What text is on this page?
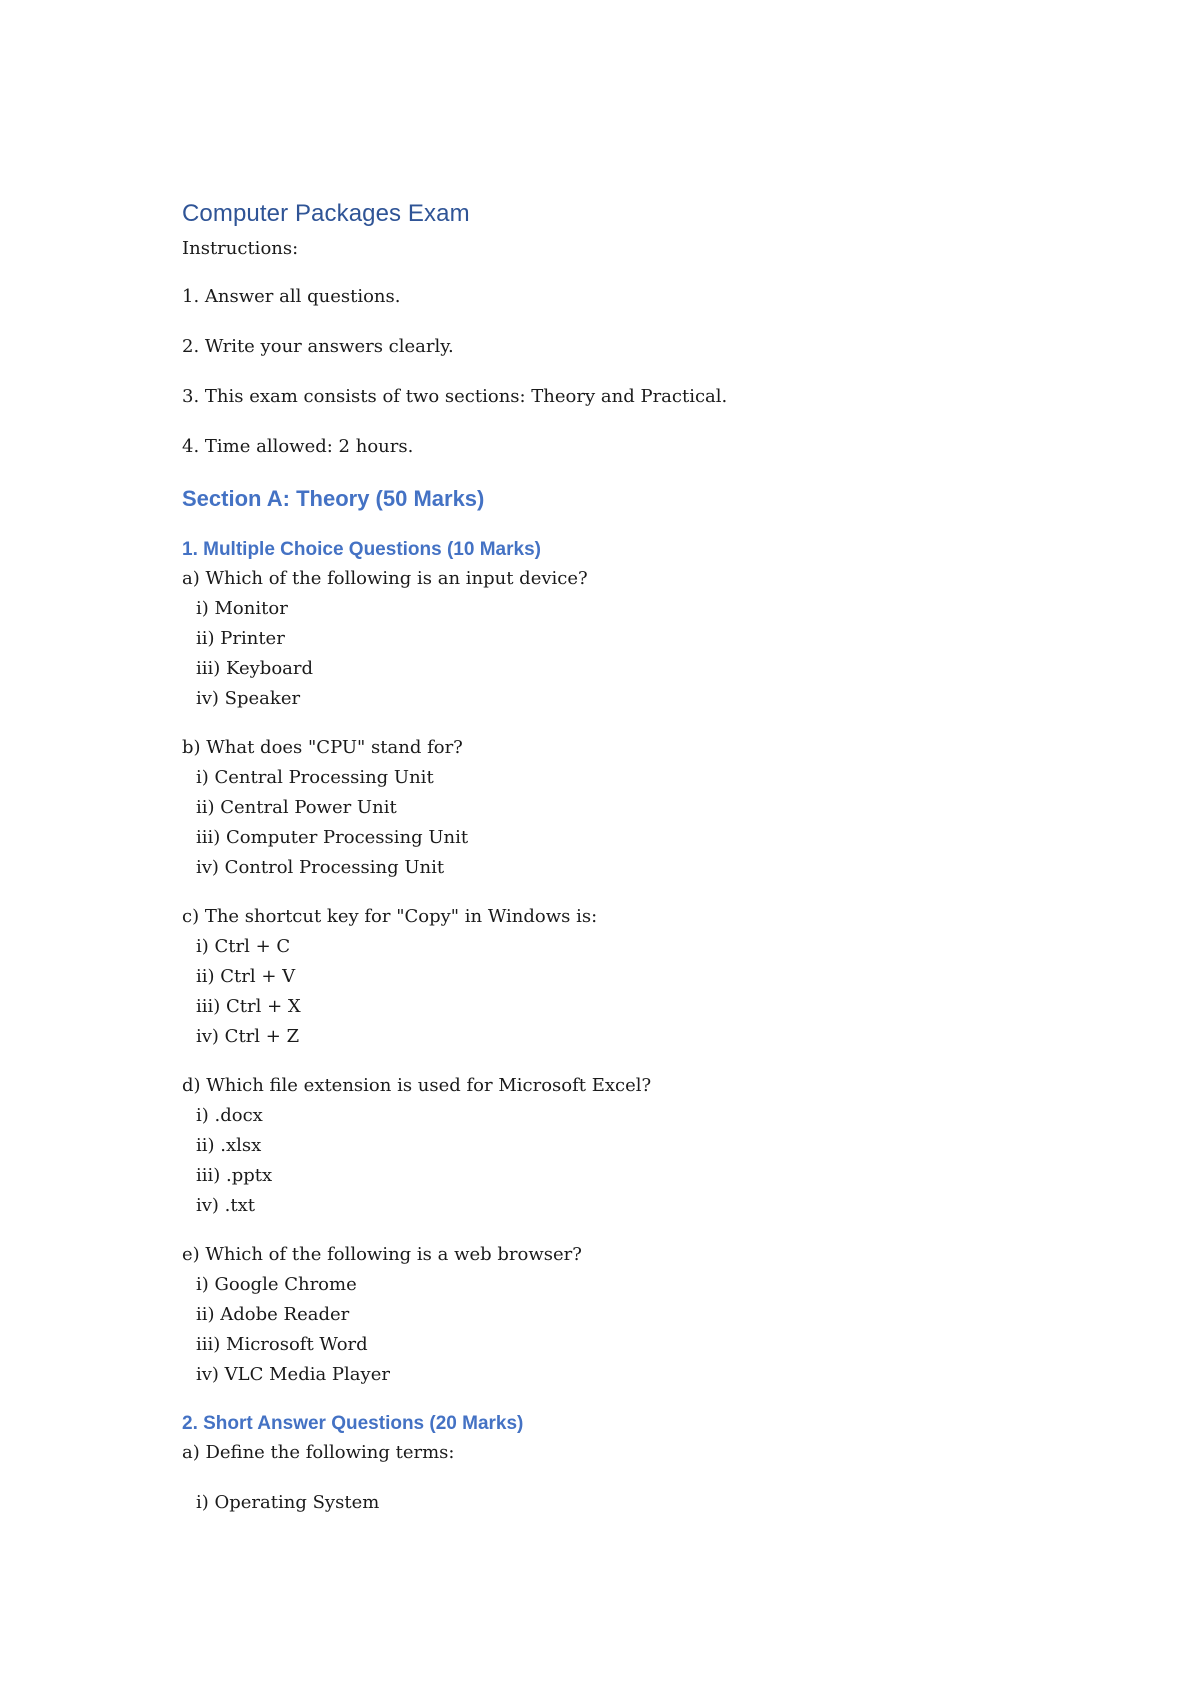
Computer Packages Exam

Instructions:

1. Answer all questions.
2. Write your answers clearly.
3. This exam consists of two sections: Theory and Practical.
4. Time allowed: 2 hours.
Section A: Theory (50 Marks)
1. Multiple Choice Questions (10 Marks)

a) Which of the following is an input device?

i) Monitor
ii) Printer
iii) Keyboard
iv) Speaker

b) What does "CPU" stand for?

i) Central Processing Unit
ii) Central Power Unit
iii) Computer Processing Unit
iv) Control Processing Unit

c) The shortcut key for "Copy" in Windows is:

i) Ctrl + C
ii) Ctrl + V
iii) Ctrl + X
iv) Ctrl + Z

d) Which file extension is used for Microsoft Excel?

i) .docx
ii) .xlsx
iii) .pptx
iv) .txt

e) Which of the following is a web browser?

i) Google Chrome
ii) Adobe Reader
iii) Microsoft Word
iv) VLC Media Player
2. Short Answer Questions (20 Marks)

a) Define the following terms:

i) Operating System
